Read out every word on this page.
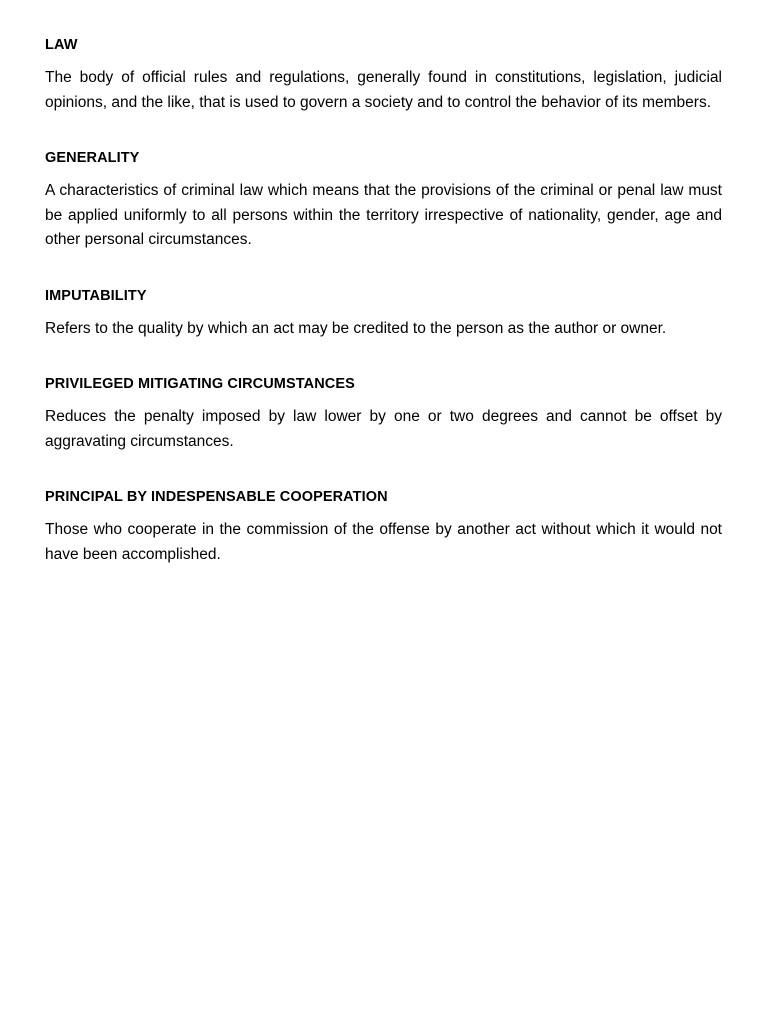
LAW

The body of official rules and regulations, generally found in constitutions, legislation, judicial opinions, and the like, that is used to govern a society and to control the behavior of its members.

GENERALITY

A characteristics of criminal law which means that the provisions of the criminal or penal law must be applied uniformly to all persons within the territory irrespective of nationality, gender, age and other personal circumstances.

IMPUTABILITY

Refers to the quality by which an act may be credited to the person as the author or owner.

PRIVILEGED MITIGATING CIRCUMSTANCES

Reduces the penalty imposed by law lower by one or two degrees and cannot be offset by aggravating circumstances.

PRINCIPAL BY INDESPENSABLE COOPERATION

Those who cooperate in the commission of the offense by another act without which it would not have been accomplished.
